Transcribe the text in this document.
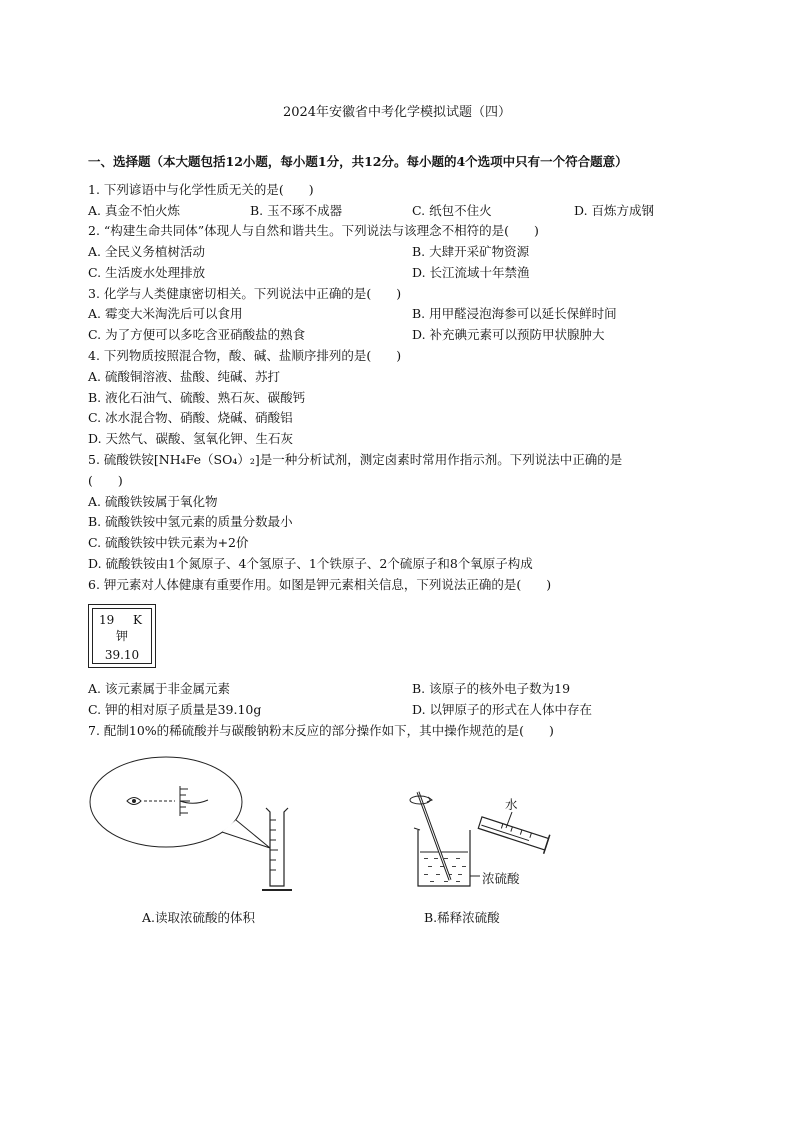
2024年安徽省中考化学模拟试题（四）
一、选择题（本大题包括12小题，每小题1分，共12分。每小题的4个选项中只有一个符合题意）
1. 下列谚语中与化学性质无关的是(　　)
A. 真金不怕火炼	B. 玉不琢不成器	C. 纸包不住火	D. 百炼方成钢
2. “构建生命共同体”体现人与自然和谐共生。下列说法与该理念不相符的是(　　)
A. 全民义务植树活动	B. 大肆开采矿物资源
C. 生活废水处理排放	D. 长江流域十年禁渔
3. 化学与人类健康密切相关。下列说法中正确的是(　　)
A. 霉变大米淘洗后可以食用	B. 用甲醛浸泡海参可以延长保鲜时间
C. 为了方便可以多吃含亚硝酸盐的熟食	D. 补充碘元素可以预防甲状腺肿大
4. 下列物质按照混合物，酸、碱、盐顺序排列的是(　　)
A. 硫酸铜溶液、盐酸、纯碱、苏打
B. 液化石油气、硫酸、熟石灰、碳酸钙
C. 冰水混合物、硝酸、烧碱、硝酸铝
D. 天然气、碳酸、氢氧化钾、生石灰
5. 硫酸铁铵[NH₄Fe（SO₄）₂]是一种分析试剂，测定卤素时常用作指示剂。下列说法中正确的是
(　　)
A. 硫酸铁铵属于氧化物
B. 硫酸铁铵中氢元素的质量分数最小
C. 硫酸铁铵中铁元素为+2价
D. 硫酸铁铵由1个氮原子、4个氢原子、1个铁原子、2个硫原子和8个氧原子构成
6. 钾元素对人体健康有重要作用。如图是钾元素相关信息，下列说法正确的是(　　)
19 K
钾
39.10
A. 该元素属于非金属元素	B. 该原子的核外电子数为19
C. 钾的相对原子质量是39.10g	D. 以钾原子的形式在人体中存在
7. 配制10%的稀硫酸并与碳酸钠粉末反应的部分操作如下，其中操作规范的是(　　)
A.读取浓硫酸的体积	B.稀释浓硫酸
水
浓硫酸
